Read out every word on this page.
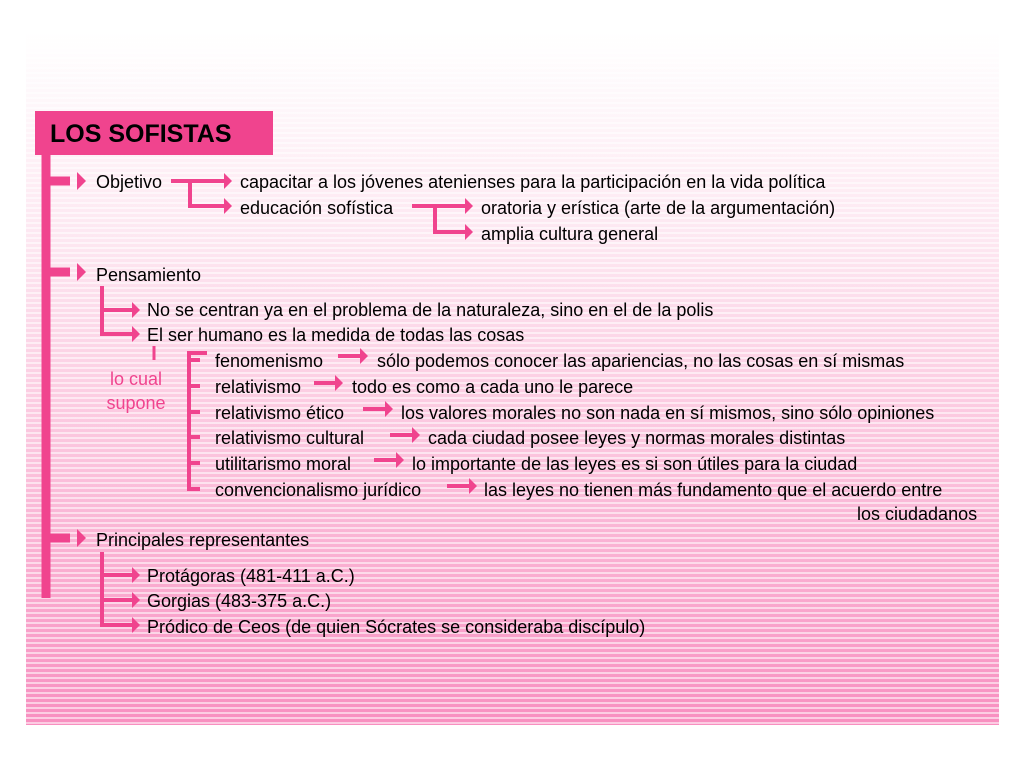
LOS SOFISTAS
Objetivo	capacitar a los jóvenes atenienses para la participación en la vida política
educación sofística	oratoria y erística (arte de la argumentación)
amplia cultura general
Pensamiento
No se centran ya en el problema de la naturaleza, sino en el de la polis
El ser humano es la medida de todas las cosas
lo cual
supone
fenomenismo	sólo podemos conocer las apariencias, no las cosas en sí mismas
relativismo	todo es como a cada uno le parece
relativismo ético	los valores morales no son nada en sí mismos, sino sólo opiniones
relativismo cultural	cada ciudad posee leyes y normas morales distintas
utilitarismo moral	lo importante de las leyes es si son útiles para la ciudad
convencionalismo jurídico	las leyes no tienen más fundamento que el acuerdo entre
los ciudadanos
Principales representantes
Protágoras (481-411 a.C.)
Gorgias (483-375 a.C.)
Pródico de Ceos (de quien Sócrates se consideraba discípulo)
